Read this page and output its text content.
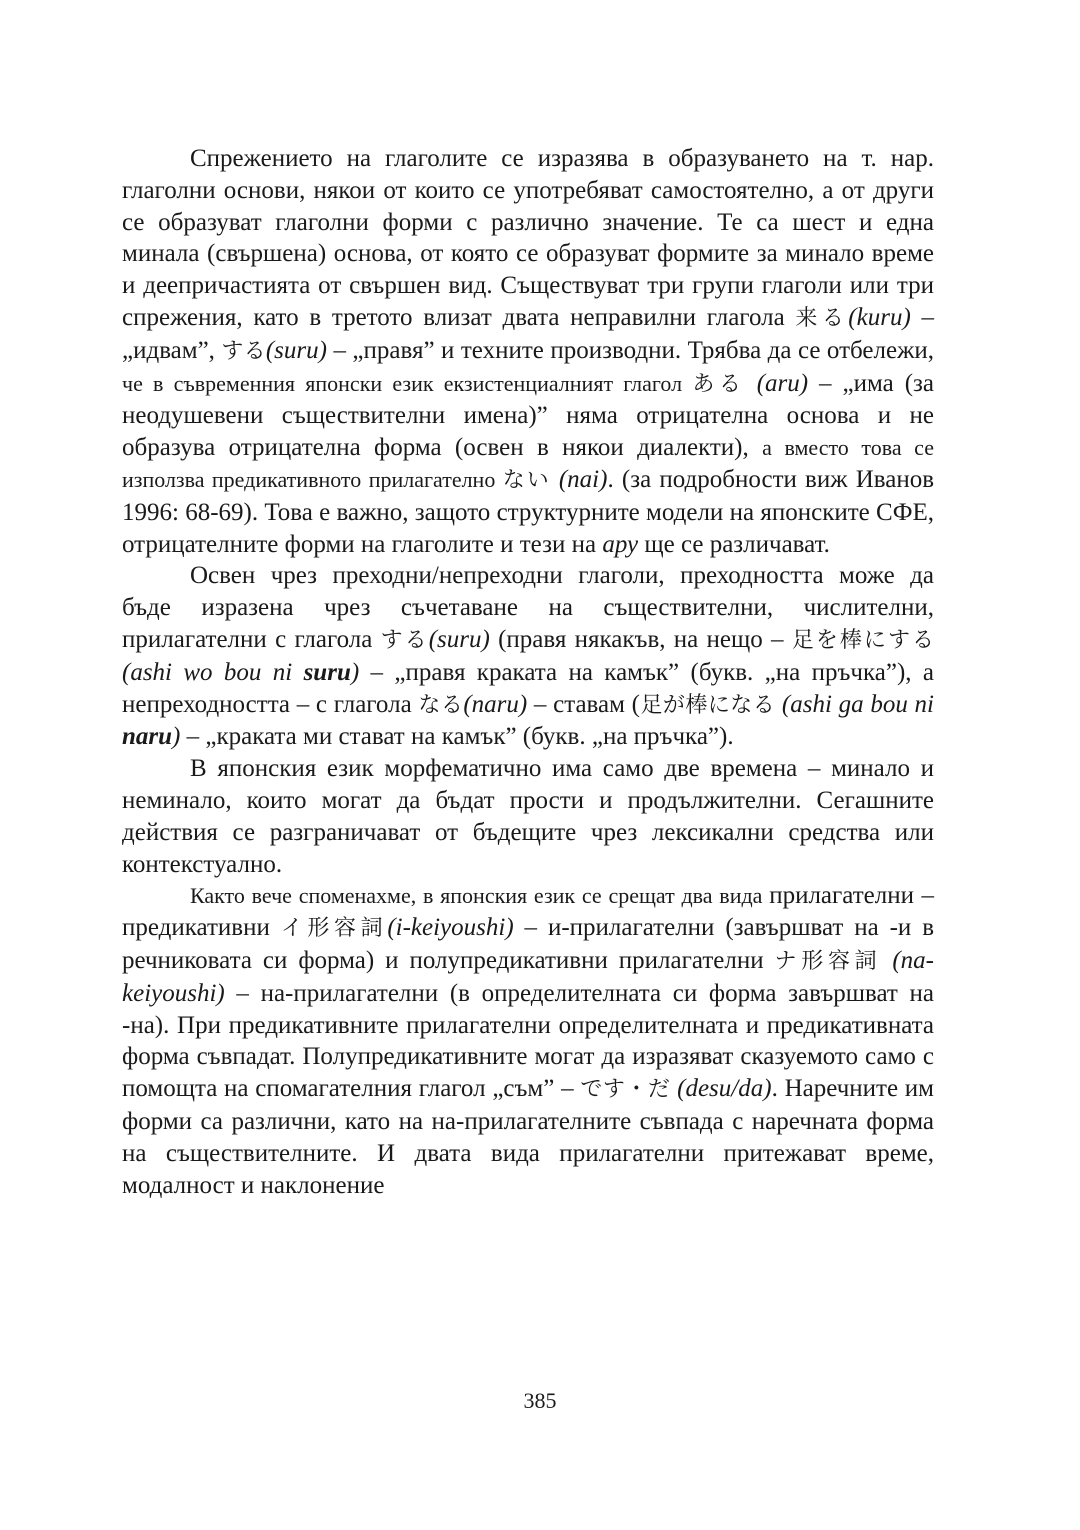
Спрежението на глаголите се изразява в образуването на т. нар. глаголни основи, някои от които се употребяват самостоятелно, а от други се образуват глаголни форми с различно значение. Те са шест и една минала (свършена) основа, от която се образуват формите за минало време и деепричастията от свършен вид. Съществуват три групи глаголи или три спрежения, като в третото влизат двата неправилни глагола 来る(kuru) – „идвам”, する(suru) – „правя” и техните производни. Трябва да се отбележи, че в съвременния японски език екзистенциалният глагол ある (aru) – „има (за неодушевени съществителни имена)” няма отрицателна основа и не образува отрицателна форма (освен в някои диалекти), а вместо това се използва предикативното прилагателно ない (nai). (за подробности виж Иванов 1996: 68-69). Това е важно, защото структурните модели на японските СФЕ, отрицателните форми на глаголите и тези на ару ще се различават.

Освен чрез преходни/непреходни глаголи, преходността може да бъде изразена чрез съчетаване на съществителни, числителни, прилагателни с глагола する(suru) (правя някакъв, на нещо – 足を棒にする (ashi wo bou ni suru) – „правя краката на камък” (букв. „на пръчка”), а непреходността – с глагола なる(naru) – ставам (足が棒になる (ashi ga bou ni naru) – „краката ми стават на камък” (букв. „на пръчка”).

В японския език морфематично има само две времена – минало и неминало, които могат да бъдат прости и продължителни. Сегашните действия се разграничават от бъдещите чрез лексикални средства или контекстуално.

Както вече споменахме, в японския език се срещат два вида прилагателни – предикативни イ形容詞(i-keiyoushi) – и-прилагателни (завършват на -и в речниковата си форма) и полупредикативни прилагателни ナ形容詞 (na-keiyoushi) – на-прилагателни (в определителната си форма завършват на -на). При предикативните прилагателни определителната и предикативната форма съвпадат. Полупредикативните могат да изразяват сказуемото само с помощта на спомагателния глагол „съм” – です・だ (desu/da). Наречните им форми са различни, като на на-прилагателните съвпада с наречната форма на съществителните. И двата вида прилагателни притежават време, модалност и наклонение

385
